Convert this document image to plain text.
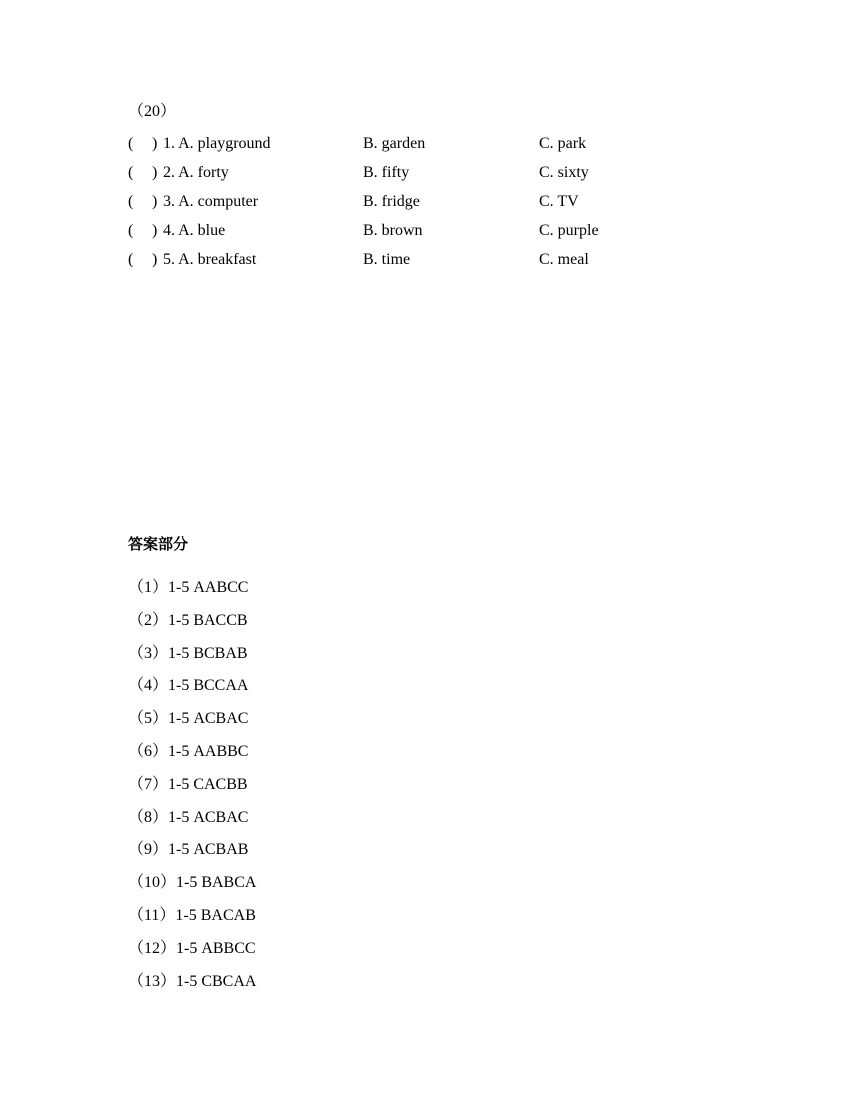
（20）
( ) 1. A. playground	B. garden	C. park
( ) 2. A. forty	B. fifty	C. sixty
( ) 3. A. computer	B. fridge	C. TV
( ) 4. A. blue	B. brown	C. purple
( ) 5. A. breakfast	B. time	C. meal
答案部分
（1）1-5 AABCC
（2）1-5 BACCB
（3）1-5 BCBAB
（4）1-5 BCCAA
（5）1-5 ACBAC
（6）1-5 AABBC
（7）1-5 CACBB
（8）1-5 ACBAC
（9）1-5 ACBAB
（10）1-5 BABCA
（11）1-5 BACAB
（12）1-5 ABBCC
（13）1-5 CBCAA
